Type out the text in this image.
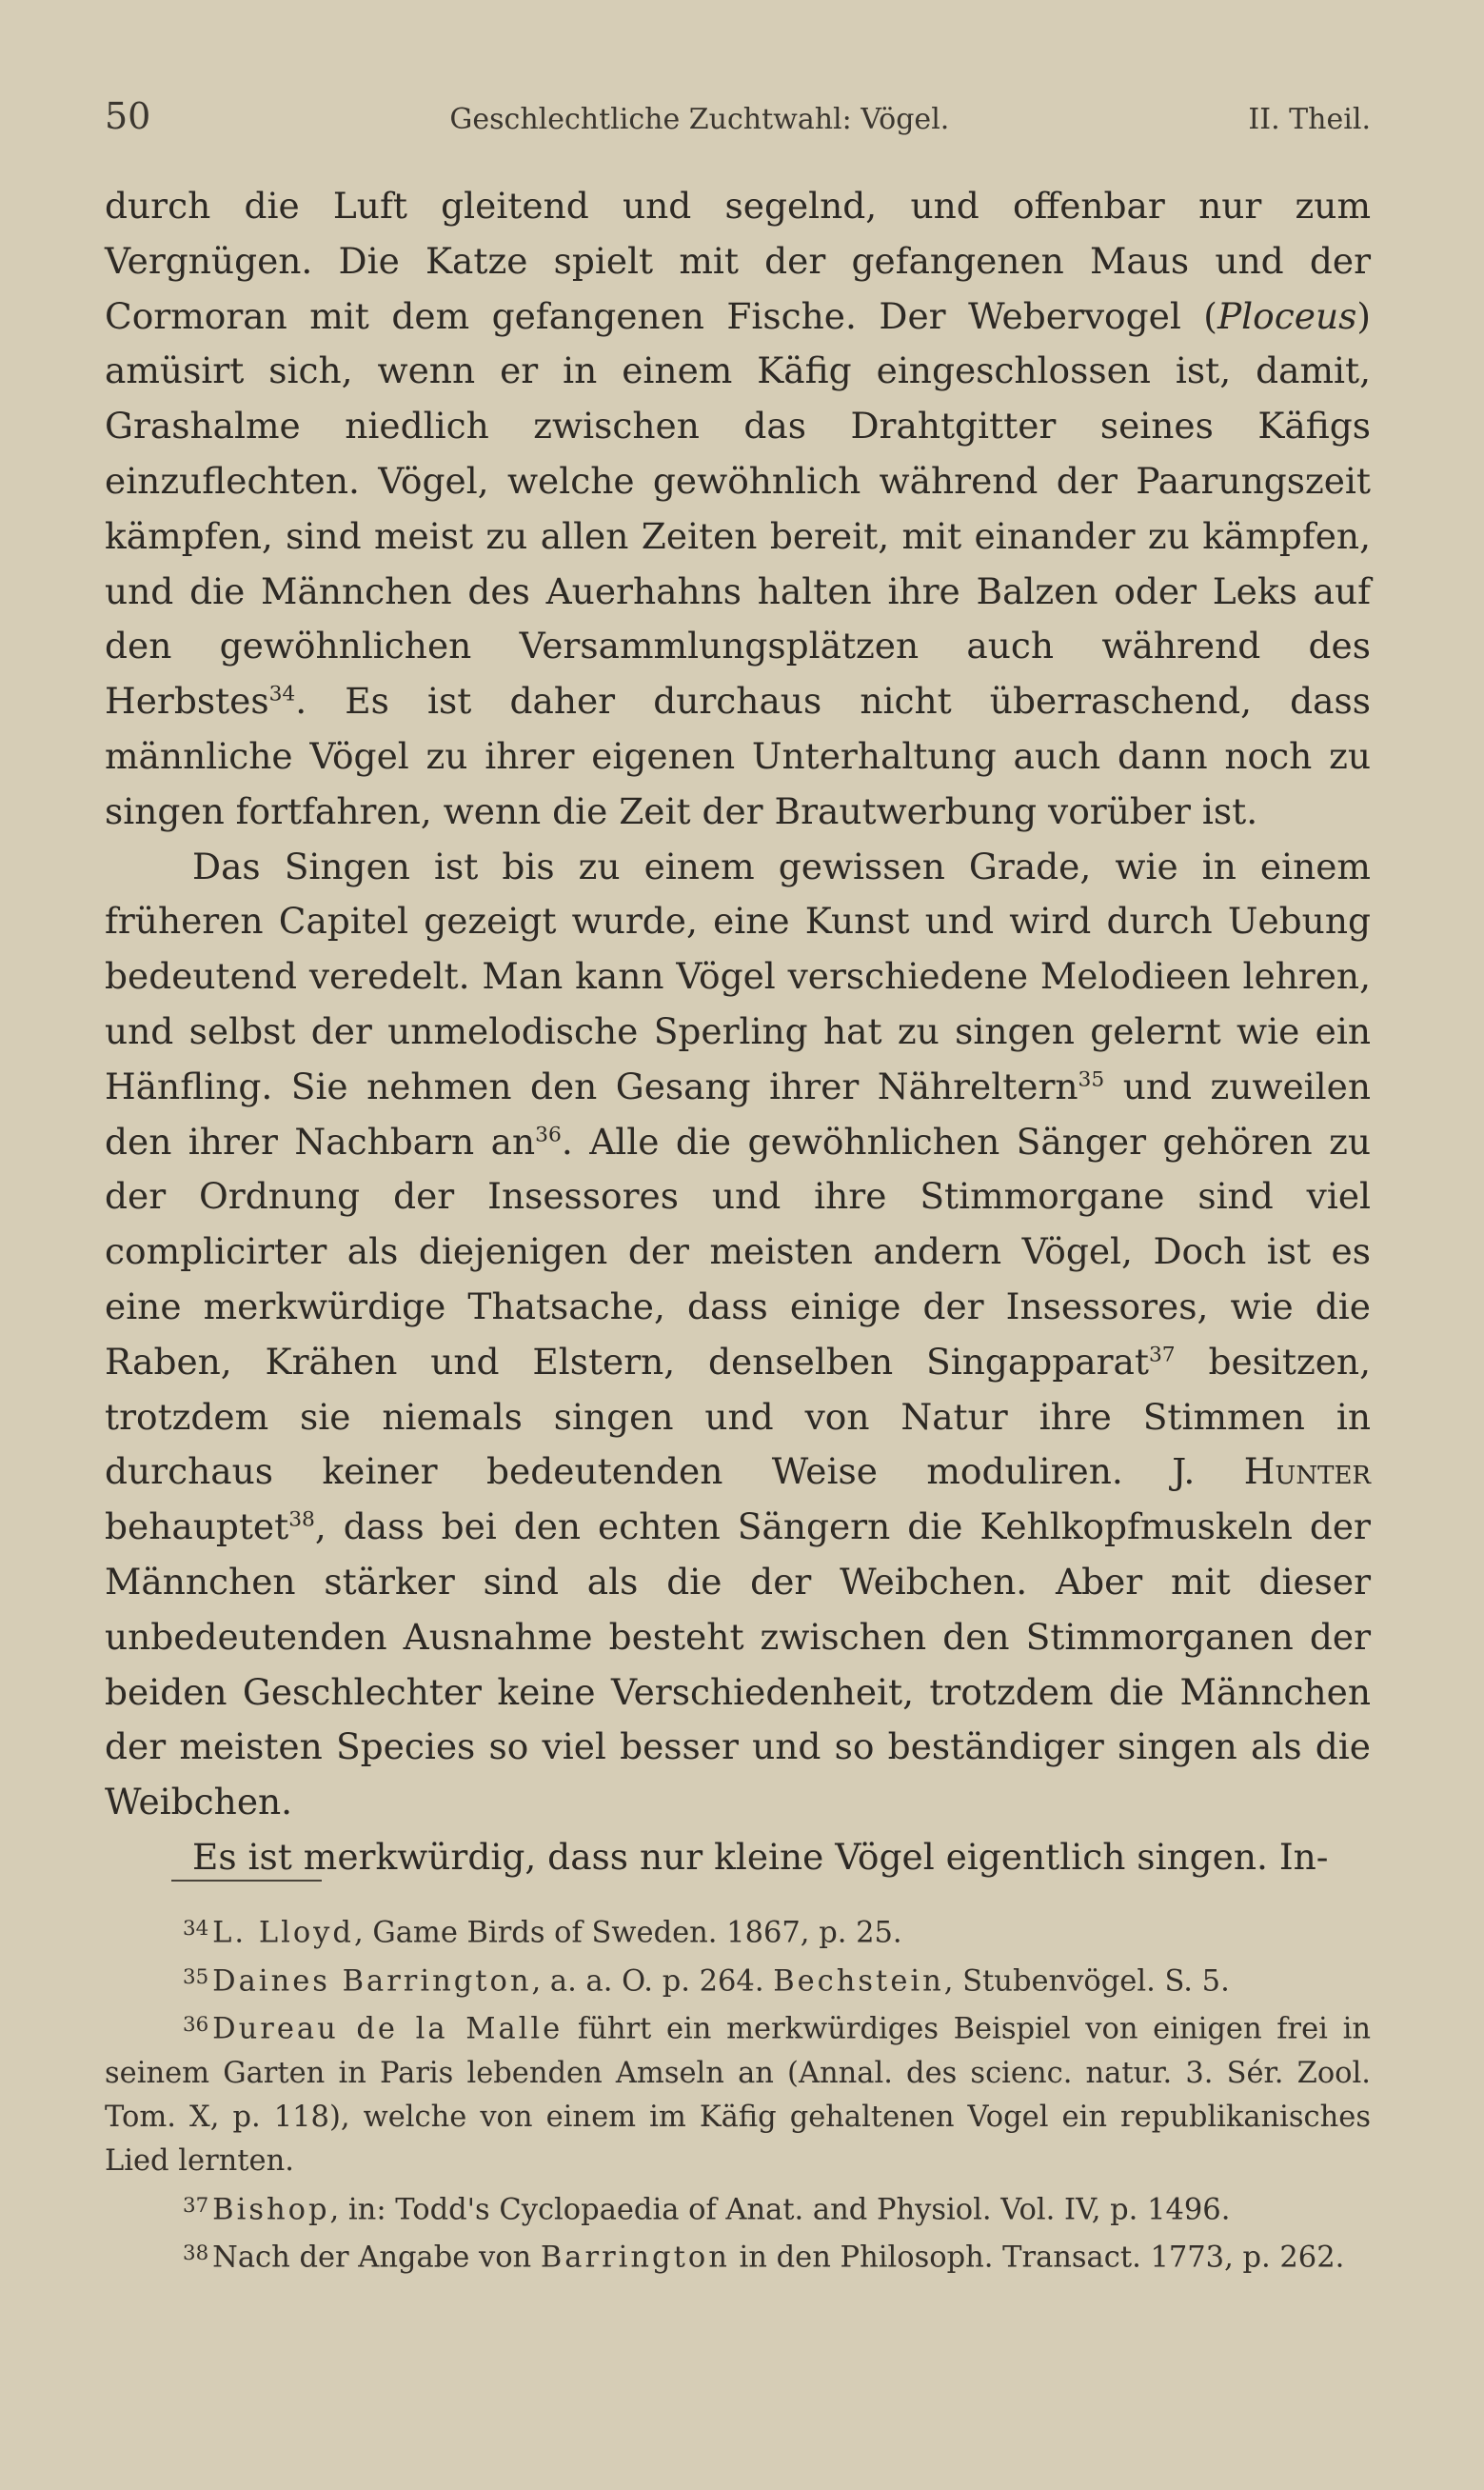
50	Geschlechtliche Zuchtwahl: Vögel.	II. Theil.

durch die Luft gleitend und segelnd, und offenbar nur zum Vergnügen. Die Katze spielt mit der gefangenen Maus und der Cormoran mit dem gefangenen Fische. Der Webervogel (Ploceus) amüsirt sich, wenn er in einem Käfig eingeschlossen ist, damit, Grashalme niedlich zwischen das Drahtgitter seines Käfigs einzuflechten. Vögel, welche gewöhnlich während der Paarungszeit kämpfen, sind meist zu allen Zeiten bereit, mit einander zu kämpfen, und die Männchen des Auerhahns halten ihre Balzen oder Leks auf den gewöhnlichen Versammlungsplätzen auch während des Herbstes$^{34}$. Es ist daher durchaus nicht überraschend, dass männliche Vögel zu ihrer eigenen Unterhaltung auch dann noch zu singen fortfahren, wenn die Zeit der Brautwerbung vorüber ist.

Das Singen ist bis zu einem gewissen Grade, wie in einem früheren Capitel gezeigt wurde, eine Kunst und wird durch Uebung bedeutend veredelt. Man kann Vögel verschiedene Melodieen lehren, und selbst der unmelodische Sperling hat zu singen gelernt wie ein Hänfling. Sie nehmen den Gesang ihrer Nähreltern$^{35}$ und zuweilen den ihrer Nachbarn $an^{36}$. Alle die gewöhnlichen Sänger gehören zu der Ordnung der Insessores und ihre Stimmorgane sind viel complicirter als diejenigen der meisten andern Vögel, Doch ist es eine merkwürdige Thatsache, dass einige der Insessores, wie die Raben, Krähen und Elstern, denselben Singapparat$^{37}$ besitzen, trotzdem sie niemals singen und von Natur ihre Stimmen in durchaus keiner bedeutenden Weise moduliren. J. Hunter behauptet$^{38}$, dass bei den echten Sängern die Kehlkopfmuskeln der Männchen stärker sind als die der Weibchen. Aber mit dieser unbedeutenden Ausnahme besteht zwischen den Stimmorganen der beiden Geschlechter keine Verschiedenheit, trotzdem die Männchen der meisten Species so viel besser und so beständiger singen als die Weibchen.

Es ist merkwürdig, dass nur kleine Vögel eigentlich singen. In-

$^{34}$ L. Lloyd, Game Birds of Sweden. 1867, p. 25.

$^{35}$ Daines Barrington, a. a. O. p. 264. Bechstein, Stubenvögel. S. 5.

$^{36}$ Dureau de la Malle führt ein merkwürdiges Beispiel von einigen frei in seinem Garten in Paris lebenden Amseln an (Annal. des scienc. natur. 3. Sér. Zool. Tom. X, p. 118), welche von einem im Käfig gehaltenen Vogel ein republikanisches Lied lernten.

$^{37}$ Bishop, in: Todd's Cyclopaedia of Anat. and Physiol. Vol. IV, p. 1496.

$^{38}$ Nach der Angabe von Barrington in den Philosoph. Transact. 1773, p. 262.
